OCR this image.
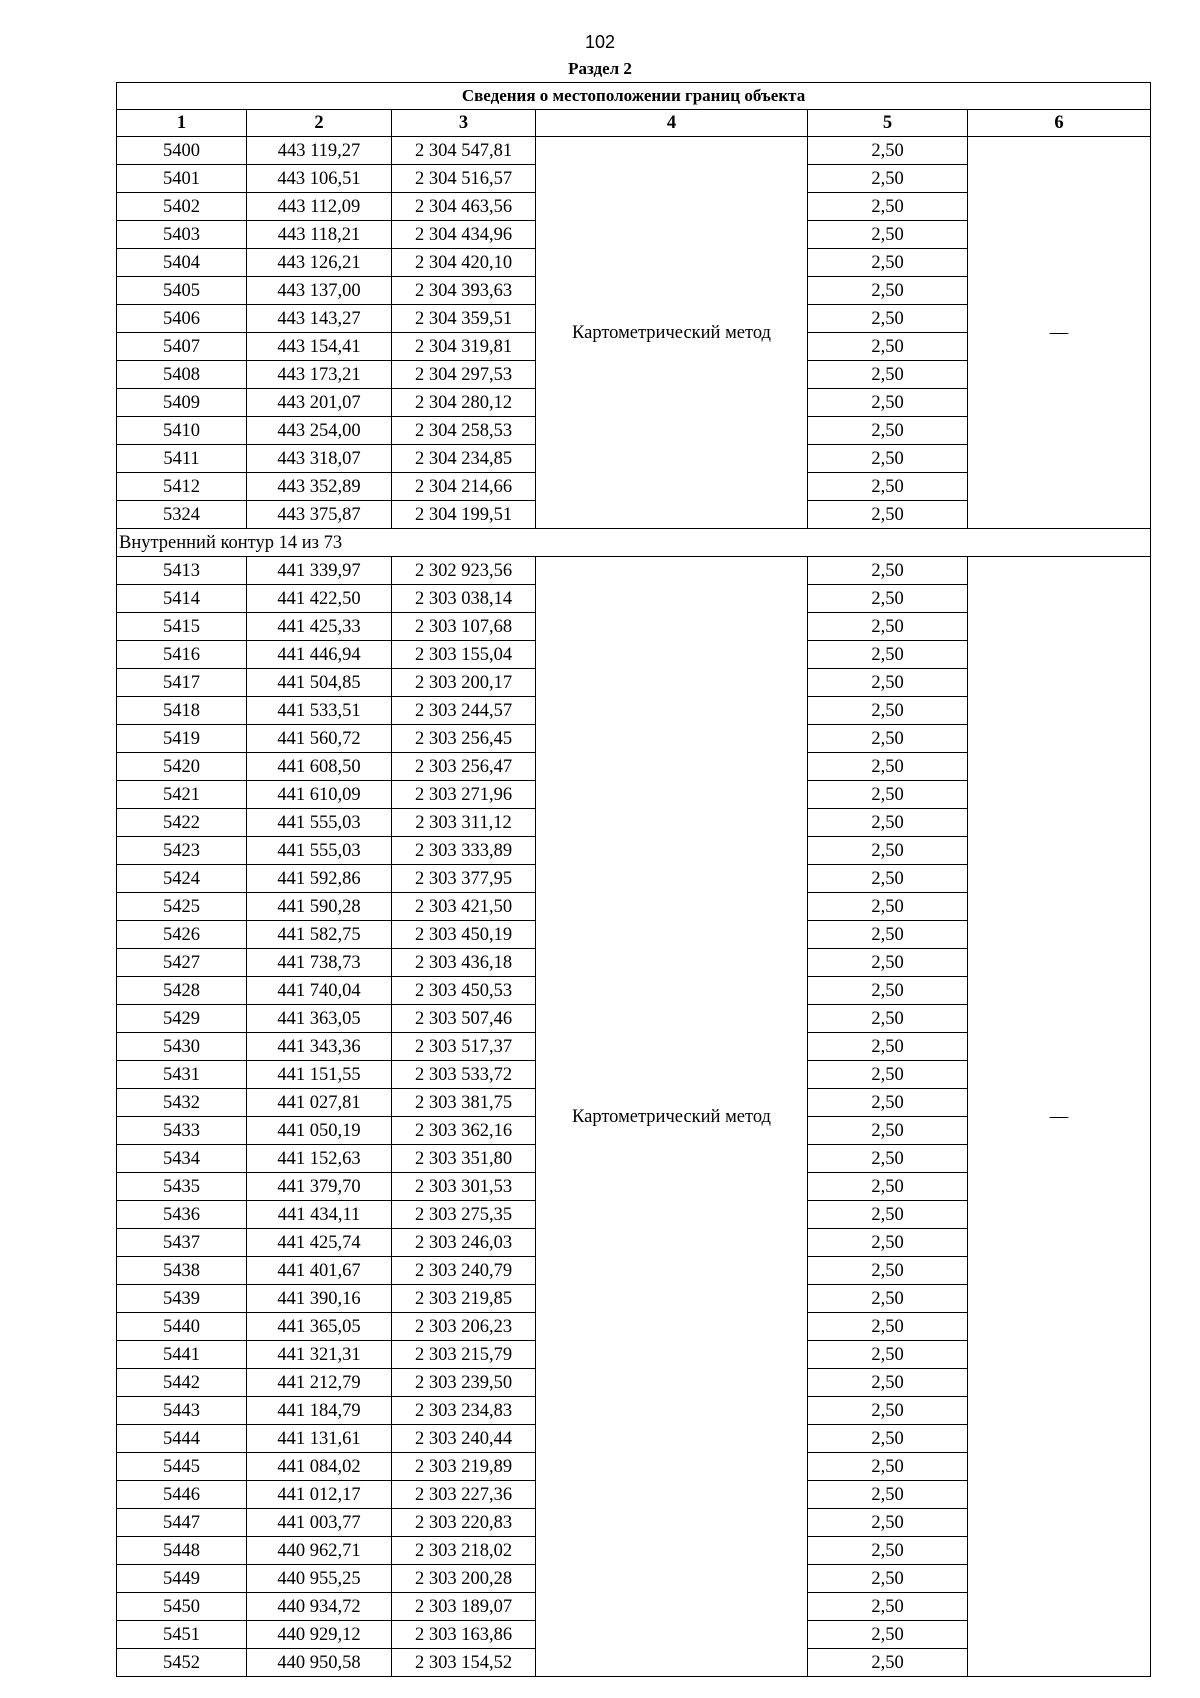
102
Раздел 2
Сведения о местоположении границ объекта					
1	2	3	4	5	6
5400	443 119,27	2 304 547,81	Картометрический метод	2,50	—
5401	443 106,51	2 304 516,57		2,50	
5402	443 112,09	2 304 463,56		2,50	
5403	443 118,21	2 304 434,96		2,50	
5404	443 126,21	2 304 420,10		2,50	
5405	443 137,00	2 304 393,63		2,50	
5406	443 143,27	2 304 359,51		2,50	
5407	443 154,41	2 304 319,81		2,50	
5408	443 173,21	2 304 297,53		2,50	
5409	443 201,07	2 304 280,12		2,50	
5410	443 254,00	2 304 258,53		2,50	
5411	443 318,07	2 304 234,85		2,50	
5412	443 352,89	2 304 214,66		2,50	
5324	443 375,87	2 304 199,51		2,50	
Внутренний контур 14 из 73					
5413	441 339,97	2 302 923,56	Картометрический метод	2,50	—
5414	441 422,50	2 303 038,14		2,50	
5415	441 425,33	2 303 107,68		2,50	
5416	441 446,94	2 303 155,04		2,50	
5417	441 504,85	2 303 200,17		2,50	
5418	441 533,51	2 303 244,57		2,50	
5419	441 560,72	2 303 256,45		2,50	
5420	441 608,50	2 303 256,47		2,50	
5421	441 610,09	2 303 271,96		2,50	
5422	441 555,03	2 303 311,12		2,50	
5423	441 555,03	2 303 333,89		2,50	
5424	441 592,86	2 303 377,95		2,50	
5425	441 590,28	2 303 421,50		2,50	
5426	441 582,75	2 303 450,19		2,50	
5427	441 738,73	2 303 436,18		2,50	
5428	441 740,04	2 303 450,53		2,50	
5429	441 363,05	2 303 507,46		2,50	
5430	441 343,36	2 303 517,37		2,50	
5431	441 151,55	2 303 533,72		2,50	
5432	441 027,81	2 303 381,75		2,50	
5433	441 050,19	2 303 362,16		2,50	
5434	441 152,63	2 303 351,80		2,50	
5435	441 379,70	2 303 301,53		2,50	
5436	441 434,11	2 303 275,35		2,50	
5437	441 425,74	2 303 246,03		2,50	
5438	441 401,67	2 303 240,79		2,50	
5439	441 390,16	2 303 219,85		2,50	
5440	441 365,05	2 303 206,23		2,50	
5441	441 321,31	2 303 215,79		2,50	
5442	441 212,79	2 303 239,50		2,50	
5443	441 184,79	2 303 234,83		2,50	
5444	441 131,61	2 303 240,44		2,50	
5445	441 084,02	2 303 219,89		2,50	
5446	441 012,17	2 303 227,36		2,50	
5447	441 003,77	2 303 220,83		2,50	
5448	440 962,71	2 303 218,02		2,50	
5449	440 955,25	2 303 200,28		2,50	
5450	440 934,72	2 303 189,07		2,50	
5451	440 929,12	2 303 163,86		2,50	
5452	440 950,58	2 303 154,52		2,50	
